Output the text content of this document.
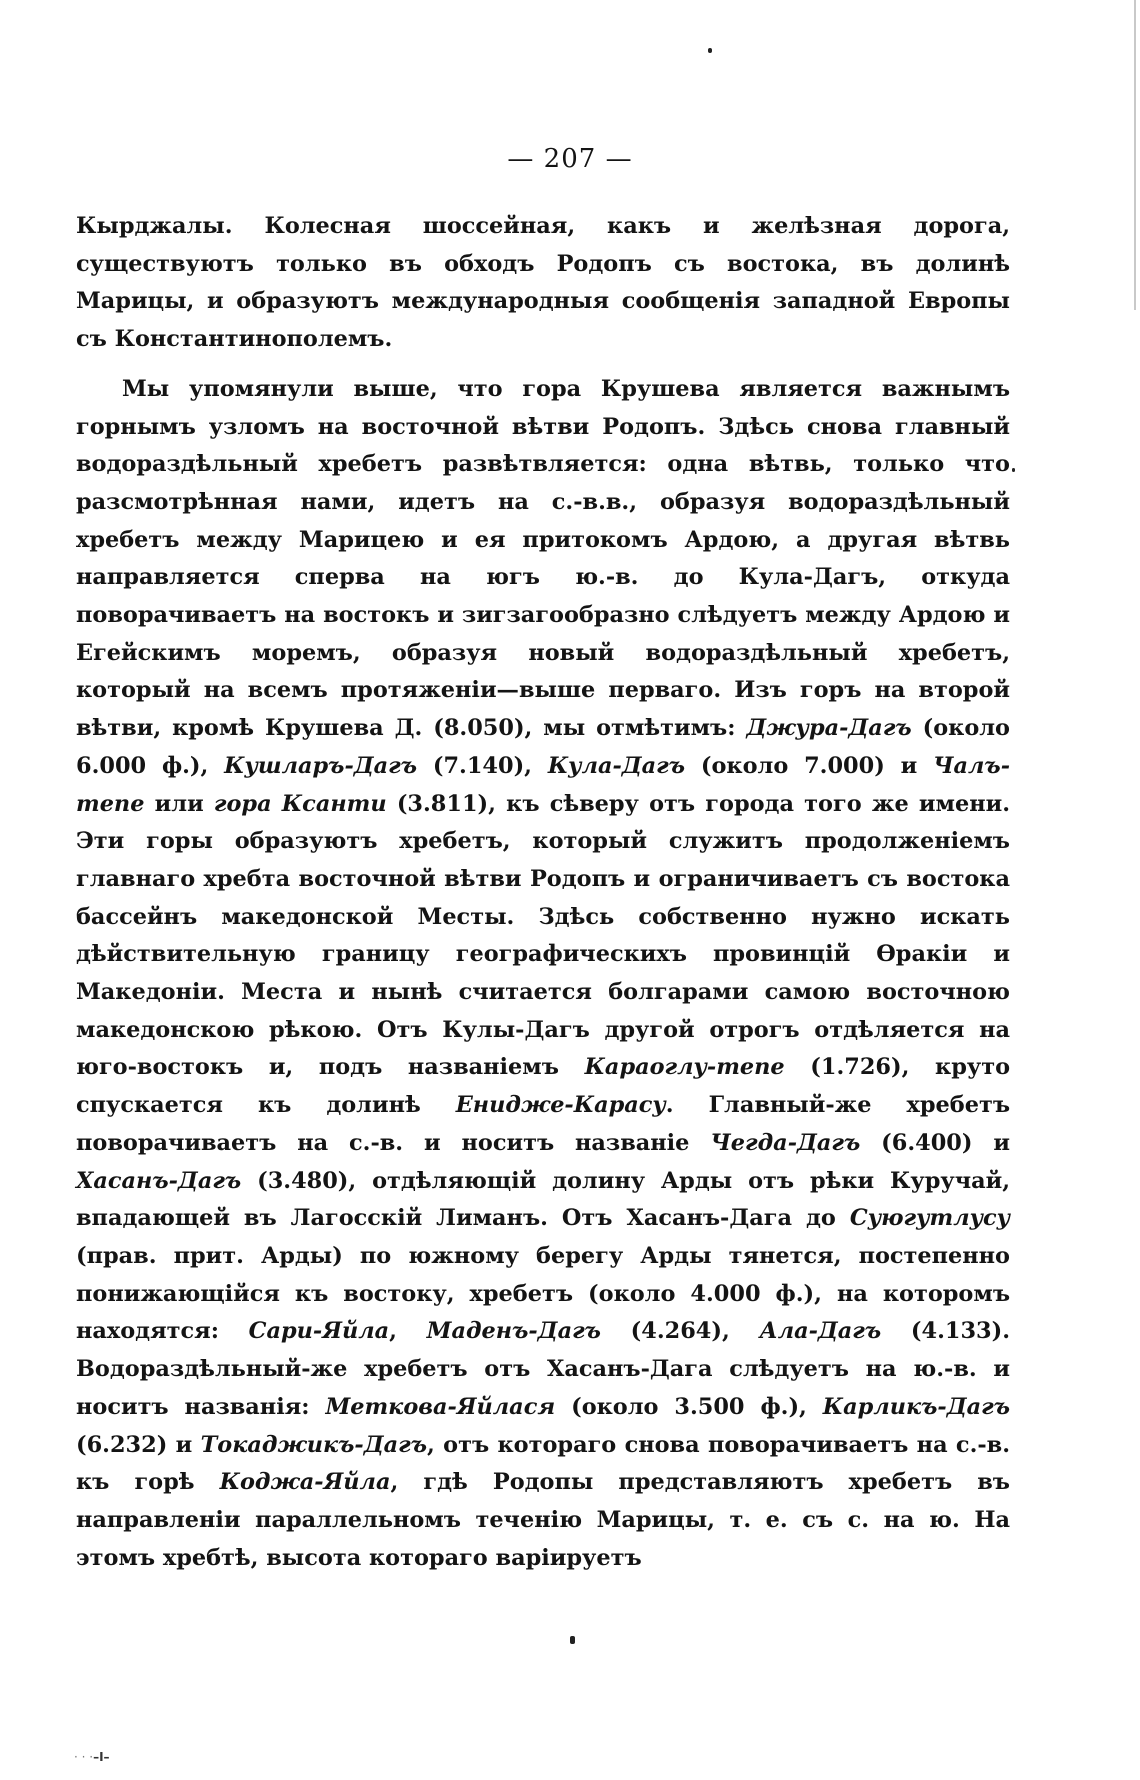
— 207 —

Кырджалы. Колесная шоссейная, какъ и желѣзная дорога, существуютъ только въ обходъ Родопъ съ востока, въ долинѣ Марицы, и образуютъ международныя сообщенія западной Европы съ Константинополемъ.

Мы упомянули выше, что гора Крушева является важнымъ горнымъ узломъ на восточной вѣтви Родопъ. Здѣсь снова главный водораздѣльный хребетъ развѣтвляется: одна вѣтвь, только что разсмотрѣнная нами, идетъ на с.-в.в., образуя водораздѣльный хребетъ между Марицею и ея притокомъ Ардою, а другая вѣтвь направляется сперва на югъ ю.-в. до Кула-Дагъ, откуда поворачиваетъ на востокъ и зигзагообразно слѣдуетъ между Ардою и Егейскимъ моремъ, образуя новый водораздѣльный хребетъ, который на всемъ протяженіи—выше перваго. Изъ горъ на второй вѣтви, кромѣ Крушева Д. (8.050), мы отмѣтимъ: Джура-Дагъ (около 6.000 ф.), Кушларъ-Дагъ (7.140), Кула-Дагъ (около 7.000) и Чалъ-тепе или гора Ксанти (3.811), къ сѣверу отъ города того же имени. Эти горы образуютъ хребетъ, который служитъ продолженіемъ главнаго хребта восточной вѣтви Родопъ и ограничиваетъ съ востока бассейнъ македонской Месты. Здѣсь собственно нужно искать дѣйствительную границу географическихъ провинцій Ѳракіи и Македоніи. Места и нынѣ считается болгарами самою восточною македонскою рѣкою. Отъ Кулы-Дагъ другой отрогъ отдѣляется на юго-востокъ и, подъ названіемъ Караоглу-тепе (1.726), круто спускается къ долинѣ Енидже-Карасу. Главный-же хребетъ поворачиваетъ на с.-в. и носитъ названіе Чегда-Дагъ (6.400) и Хасанъ-Дагъ (3.480), отдѣляющій долину Арды отъ рѣки Куручай, впадающей въ Лагосскій Лиманъ. Отъ Хасанъ-Дага до Суюгутлусу (прав. прит. Арды) по южному берегу Арды тянется, постепенно понижающійся къ востоку, хребетъ (около 4.000 ф.), на которомъ находятся: Сари-Яйла, Маденъ-Дагъ (4.264), Ала-Дагъ (4.133). Водораздѣльный-же хребетъ отъ Хасанъ-Дага слѣдуетъ на ю.-в. и носитъ названія: Меткова-Яйлася (около 3.500 ф.), Карликъ-Дагъ (6.232) и Токаджикъ-Дагъ, отъ котораго снова поворачиваетъ на с.-в. къ горѣ Коджа-Яйла, гдѣ Родопы представляютъ хребетъ въ направленіи параллельномъ теченію Марицы, т. е. съ с. на ю. На этомъ хребтѣ, высота котораго варіируетъ

· · ·–I–
